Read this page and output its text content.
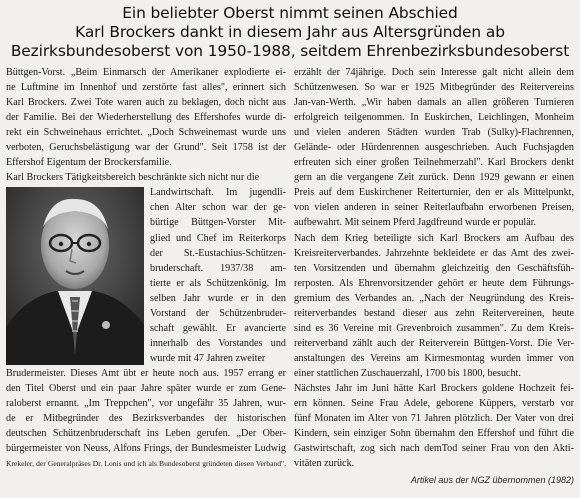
Ein beliebter Oberst nimmt seinen Abschied
Karl Brockers dankt in diesem Jahr aus Altersgründen ab
Bezirksbundesoberst von 1950-1988, seitdem Ehrenbezirksbundesoberst
Büttgen-Vorst. „Beim Einmarsch der Amerikaner explodierte ei-
ne Luftmine im Innenhof und zerstörte fast alles", erinnert sich
Karl Brockers. Zwei Tote waren auch zu beklagen, doch nicht aus
der Familie. Bei der Wiederherstellung des Effershofes wurde di-
rekt ein Schweinehaus errichtet. „Doch Schweinemast wurde uns
verboten, Geruchsbelästigung war der Grund". Seit 1758 ist der
Effershof Eigentum der Brockersfamilie.
Karl Brockers Tätigkeitsbereich beschränkte sich nicht nur die
Landwirtschaft. Im jugendli-
chen Alter schon war der ge-
bürtige Büttgen-Vorster Mit-
glied und Chef im Reiterkorps
der St.-Eustachius-Schützen-
bruderschaft. 1937/38 am-
tierte er als Schützenkönig. Im
selben Jahr wurde er in den
Vorstand der Schützenbruder-
schaft gewählt. Er avancierte
innerhalb des Vorstandes und
wurde mit 47 Jahren zweiter
Brudermeister. Dieses Amt übt er heute noch aus. 1957 errang er
den Titel Oberst und ein paar Jahre später wurde er zum Gene-
raloberst ernannt. „Im Treppchen", vor ungefähr 35 Jahren, wur-
de er Mitbegründer des Bezirksverbandes der historischen
deutschen Schützenbruderschaft ins Leben gerufen. „Der Ober-
bürgermeister von Neuss, Alfons Frings, der Bundesmeister Ludwig
Krekeler, der Generalpräses Dr. Lonis und ich als Bundesoberst gründeten diesen Verband",
erzählt der 74jährige. Doch sein Interesse galt nicht allein dem
Schützenwesen. So war er 1925 Mitbegründer des Reitervereins
Jan-van-Werth. „Wir haben damals an allen größeren Turnieren
erfolgreich teilgenommen. In Euskirchen, Leichlingen, Monheim
und vielen anderen Städten wurden Trab (Sulky)-Flachrennen,
Gelände- oder Hürdenrennen ausgeschrieben. Auch Fuchsjagden
erfreuten sich einer großen Teilnehmerzahl". Karl Brockers denkt
gern an die vergangene Zeit zurück. Denn 1929 gewann er einen
Preis auf dem Euskirchener Reiterturnier, den er als Mittelpunkt,
von vielen anderen in seiner Reiterlaufbahn erworbenen Preisen,
aufbewahrt. Mit seinem Pferd Jagdfreund wurde er populär.
Nach dem Krieg beteiligte sich Karl Brockers am Aufbau des
Kreisreiterverbandes. Jahrzehnte bekleidete er das Amt des zwei-
ten Vorsitzenden und übernahm gleichzeitig den Geschäftsfüh-
rerposten. Als Ehrenvorsitzender gehört er heute dem Führungs-
gremium des Verbandes an. „Nach der Neugründung des Kreis-
reiterverbandes bestand dieser aus zehn Reitervereinen, heute
sind es 36 Vereine mit Grevenbroich zusammen". Zu dem Kreis-
reiterverband zählt auch der Reiterverein Büttgen-Vorst. Die Ver-
anstaltungen des Vereins am Kirmesmontag wurden immer von
einer stattlichen Zuschauerzahl, 1700 bis 1800, besucht.
Nächstes Jahr im Juni hätte Karl Brockers goldene Hochzeit fei-
ern können. Seine Frau Adele, geborene Küppers, verstarb vor
fünf Monaten im Alter von 71 Jahren plötzlich. Der Vater von drei
Kindern, sein einziger Sohn übernahm den Effershof und führt die
Gastwirtschaft, zog sich nach demTod seiner Frau von den Akti-
vitäten zurück.
Artikel aus der NGZ übernommen (1982)
